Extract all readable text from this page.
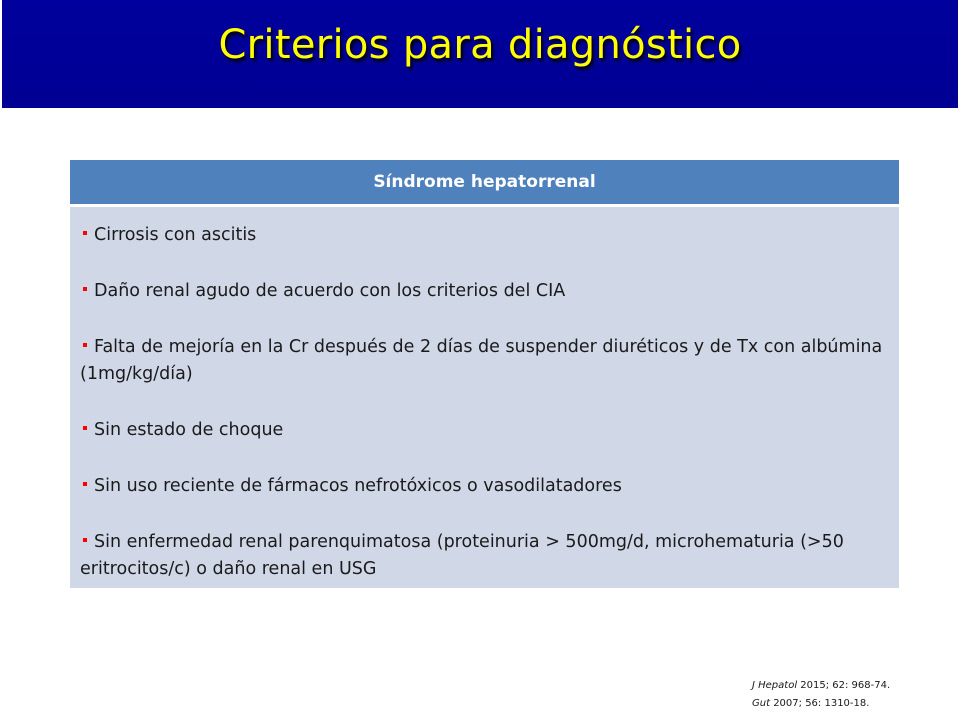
Criterios para diagnóstico
Síndrome hepatorrenal

Cirrosis con ascitis
Daño renal agudo de acuerdo con los criterios del CIA
Falta de mejoría en la Cr después de 2 días de suspender diuréticos y de Tx con albúmina (1mg/kg/día)
Sin estado de choque
Sin uso reciente de fármacos nefrotóxicos o vasodilatadores
Sin enfermedad renal parenquimatosa (proteinuria > 500mg/d, microhematuria (>50 eritrocitos/c) o daño renal en USG
J Hepatol 2015; 62: 968-74.
Gut 2007; 56: 1310-18.
